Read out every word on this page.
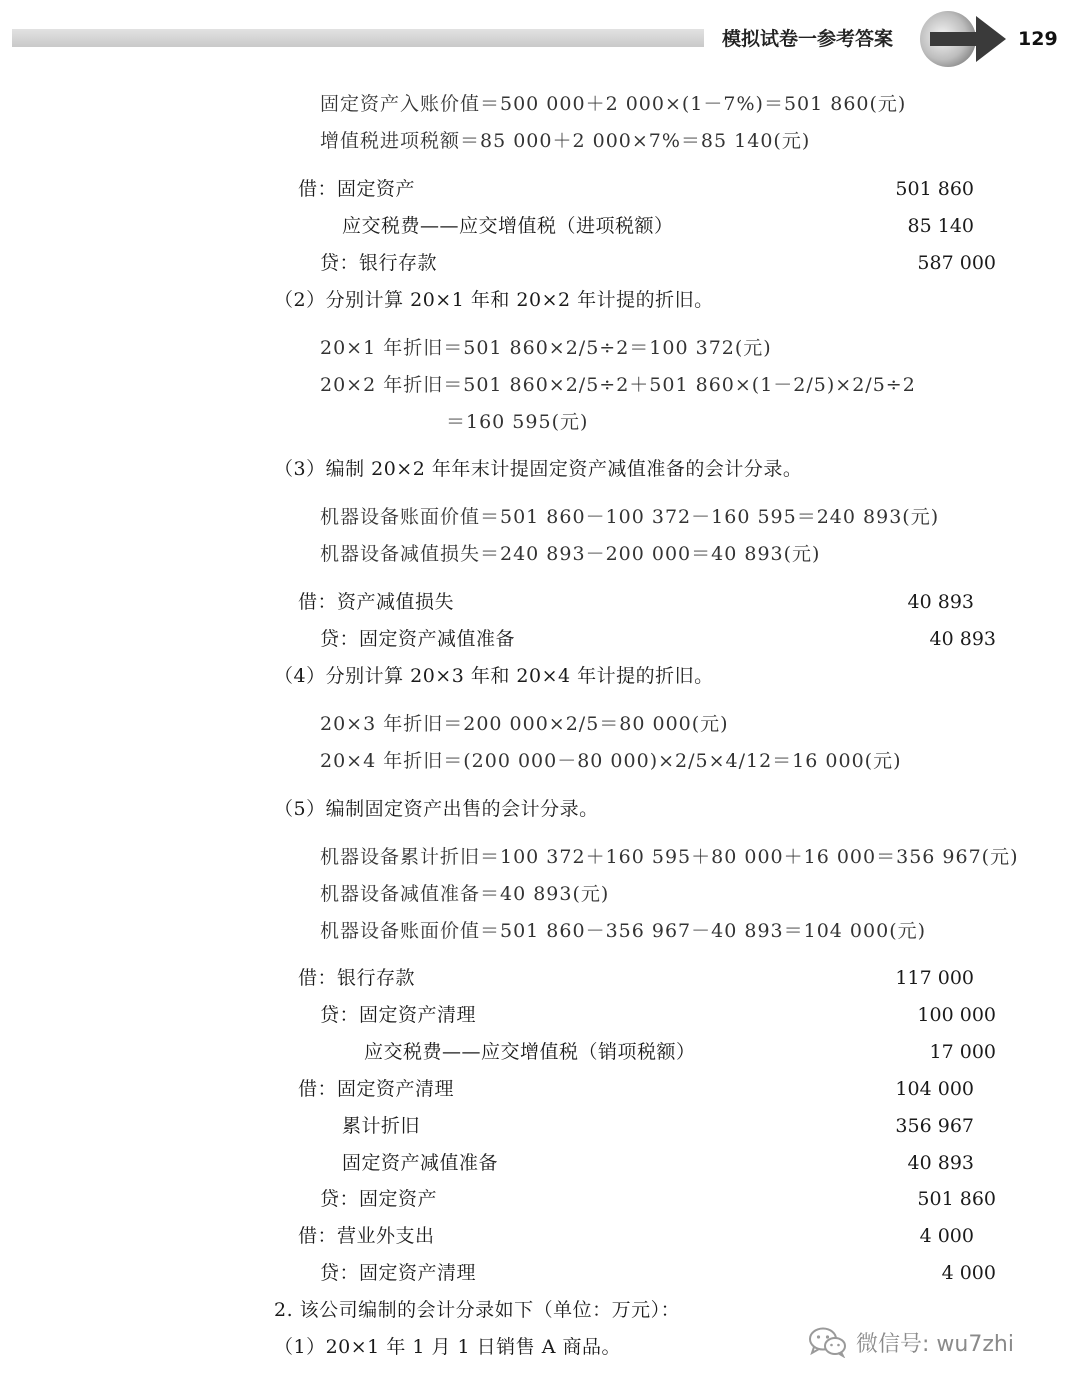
模拟试卷一参考答案	129
固定资产入账价值＝500 000＋2 000×(1－7%)＝501 860(元)
增值税进项税额＝85 000＋2 000×7%＝85 140(元)
借：固定资产	501 860
应交税费——应交增值税（进项税额）	85 140
贷：银行存款	587 000
（2）分别计算 20×1 年和 20×2 年计提的折旧。
20×1 年折旧＝501 860×2/5÷2＝100 372(元)
20×2 年折旧＝501 860×2/5÷2＋501 860×(1－2/5)×2/5÷2
＝160 595(元)
（3）编制 20×2 年年末计提固定资产减值准备的会计分录。
机器设备账面价值＝501 860－100 372－160 595＝240 893(元)
机器设备减值损失＝240 893－200 000＝40 893(元)
借：资产减值损失	40 893
贷：固定资产减值准备	40 893
（4）分别计算 20×3 年和 20×4 年计提的折旧。
20×3 年折旧＝200 000×2/5＝80 000(元)
20×4 年折旧＝(200 000－80 000)×2/5×4/12＝16 000(元)
（5）编制固定资产出售的会计分录。
机器设备累计折旧＝100 372＋160 595＋80 000＋16 000＝356 967(元)
机器设备减值准备＝40 893(元)
机器设备账面价值＝501 860－356 967－40 893＝104 000(元)
借：银行存款	117 000
贷：固定资产清理	100 000
应交税费——应交增值税（销项税额）	17 000
借：固定资产清理	104 000
累计折旧	356 967
固定资产减值准备	40 893
贷：固定资产	501 860
借：营业外支出	4 000
贷：固定资产清理	4 000
2. 该公司编制的会计分录如下（单位：万元）：
（1）20×1 年 1 月 1 日销售 A 商品。	微信号: wu7zhi
